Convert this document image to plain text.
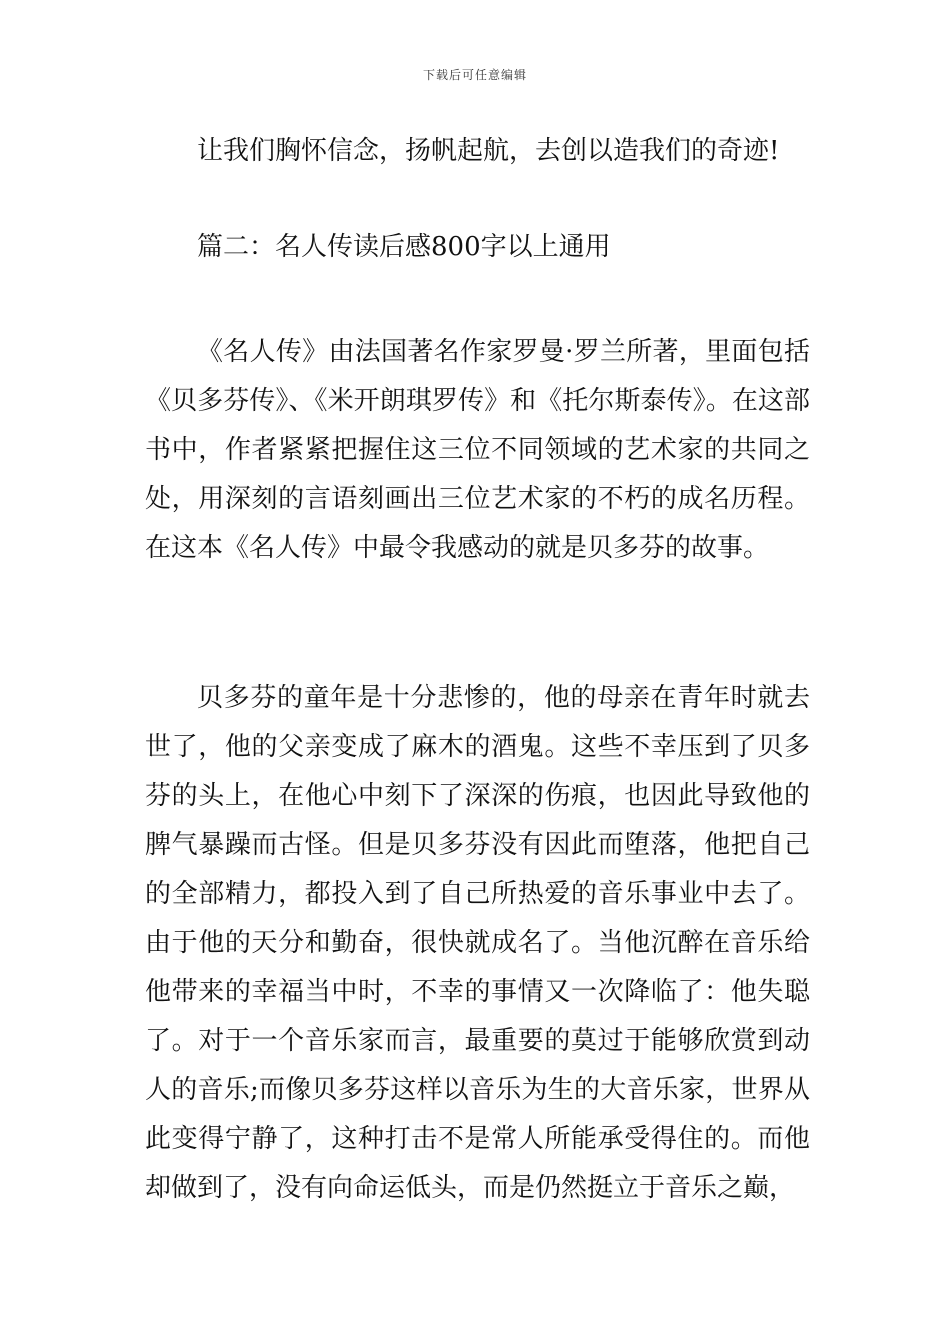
下载后可任意编辑

让我们胸怀信念，扬帆起航，去创以造我们的奇迹!

篇二：名人传读后感800字以上通用

《名人传》由法国著名作家罗曼·罗兰所著，里面包括《贝多芬传》、《米开朗琪罗传》和《托尔斯泰传》。在这部书中，作者紧紧把握住这三位不同领域的艺术家的共同之处，用深刻的言语刻画出三位艺术家的不朽的成名历程。在这本《名人传》中最令我感动的就是贝多芬的故事。

贝多芬的童年是十分悲惨的，他的母亲在青年时就去世了，他的父亲变成了麻木的酒鬼。这些不幸压到了贝多芬的头上，在他心中刻下了深深的伤痕，也因此导致他的脾气暴躁而古怪。但是贝多芬没有因此而堕落，他把自己的全部精力，都投入到了自己所热爱的音乐事业中去了。由于他的天分和勤奋，很快就成名了。当他沉醉在音乐给他带来的幸福当中时，不幸的事情又一次降临了：他失聪了。对于一个音乐家而言，最重要的莫过于能够欣赏到动人的音乐;而像贝多芬这样以音乐为生的大音乐家，世界从此变得宁静了，这种打击不是常人所能承受得住的。而他却做到了，没有向命运低头，而是仍然挺立于音乐之巅，
